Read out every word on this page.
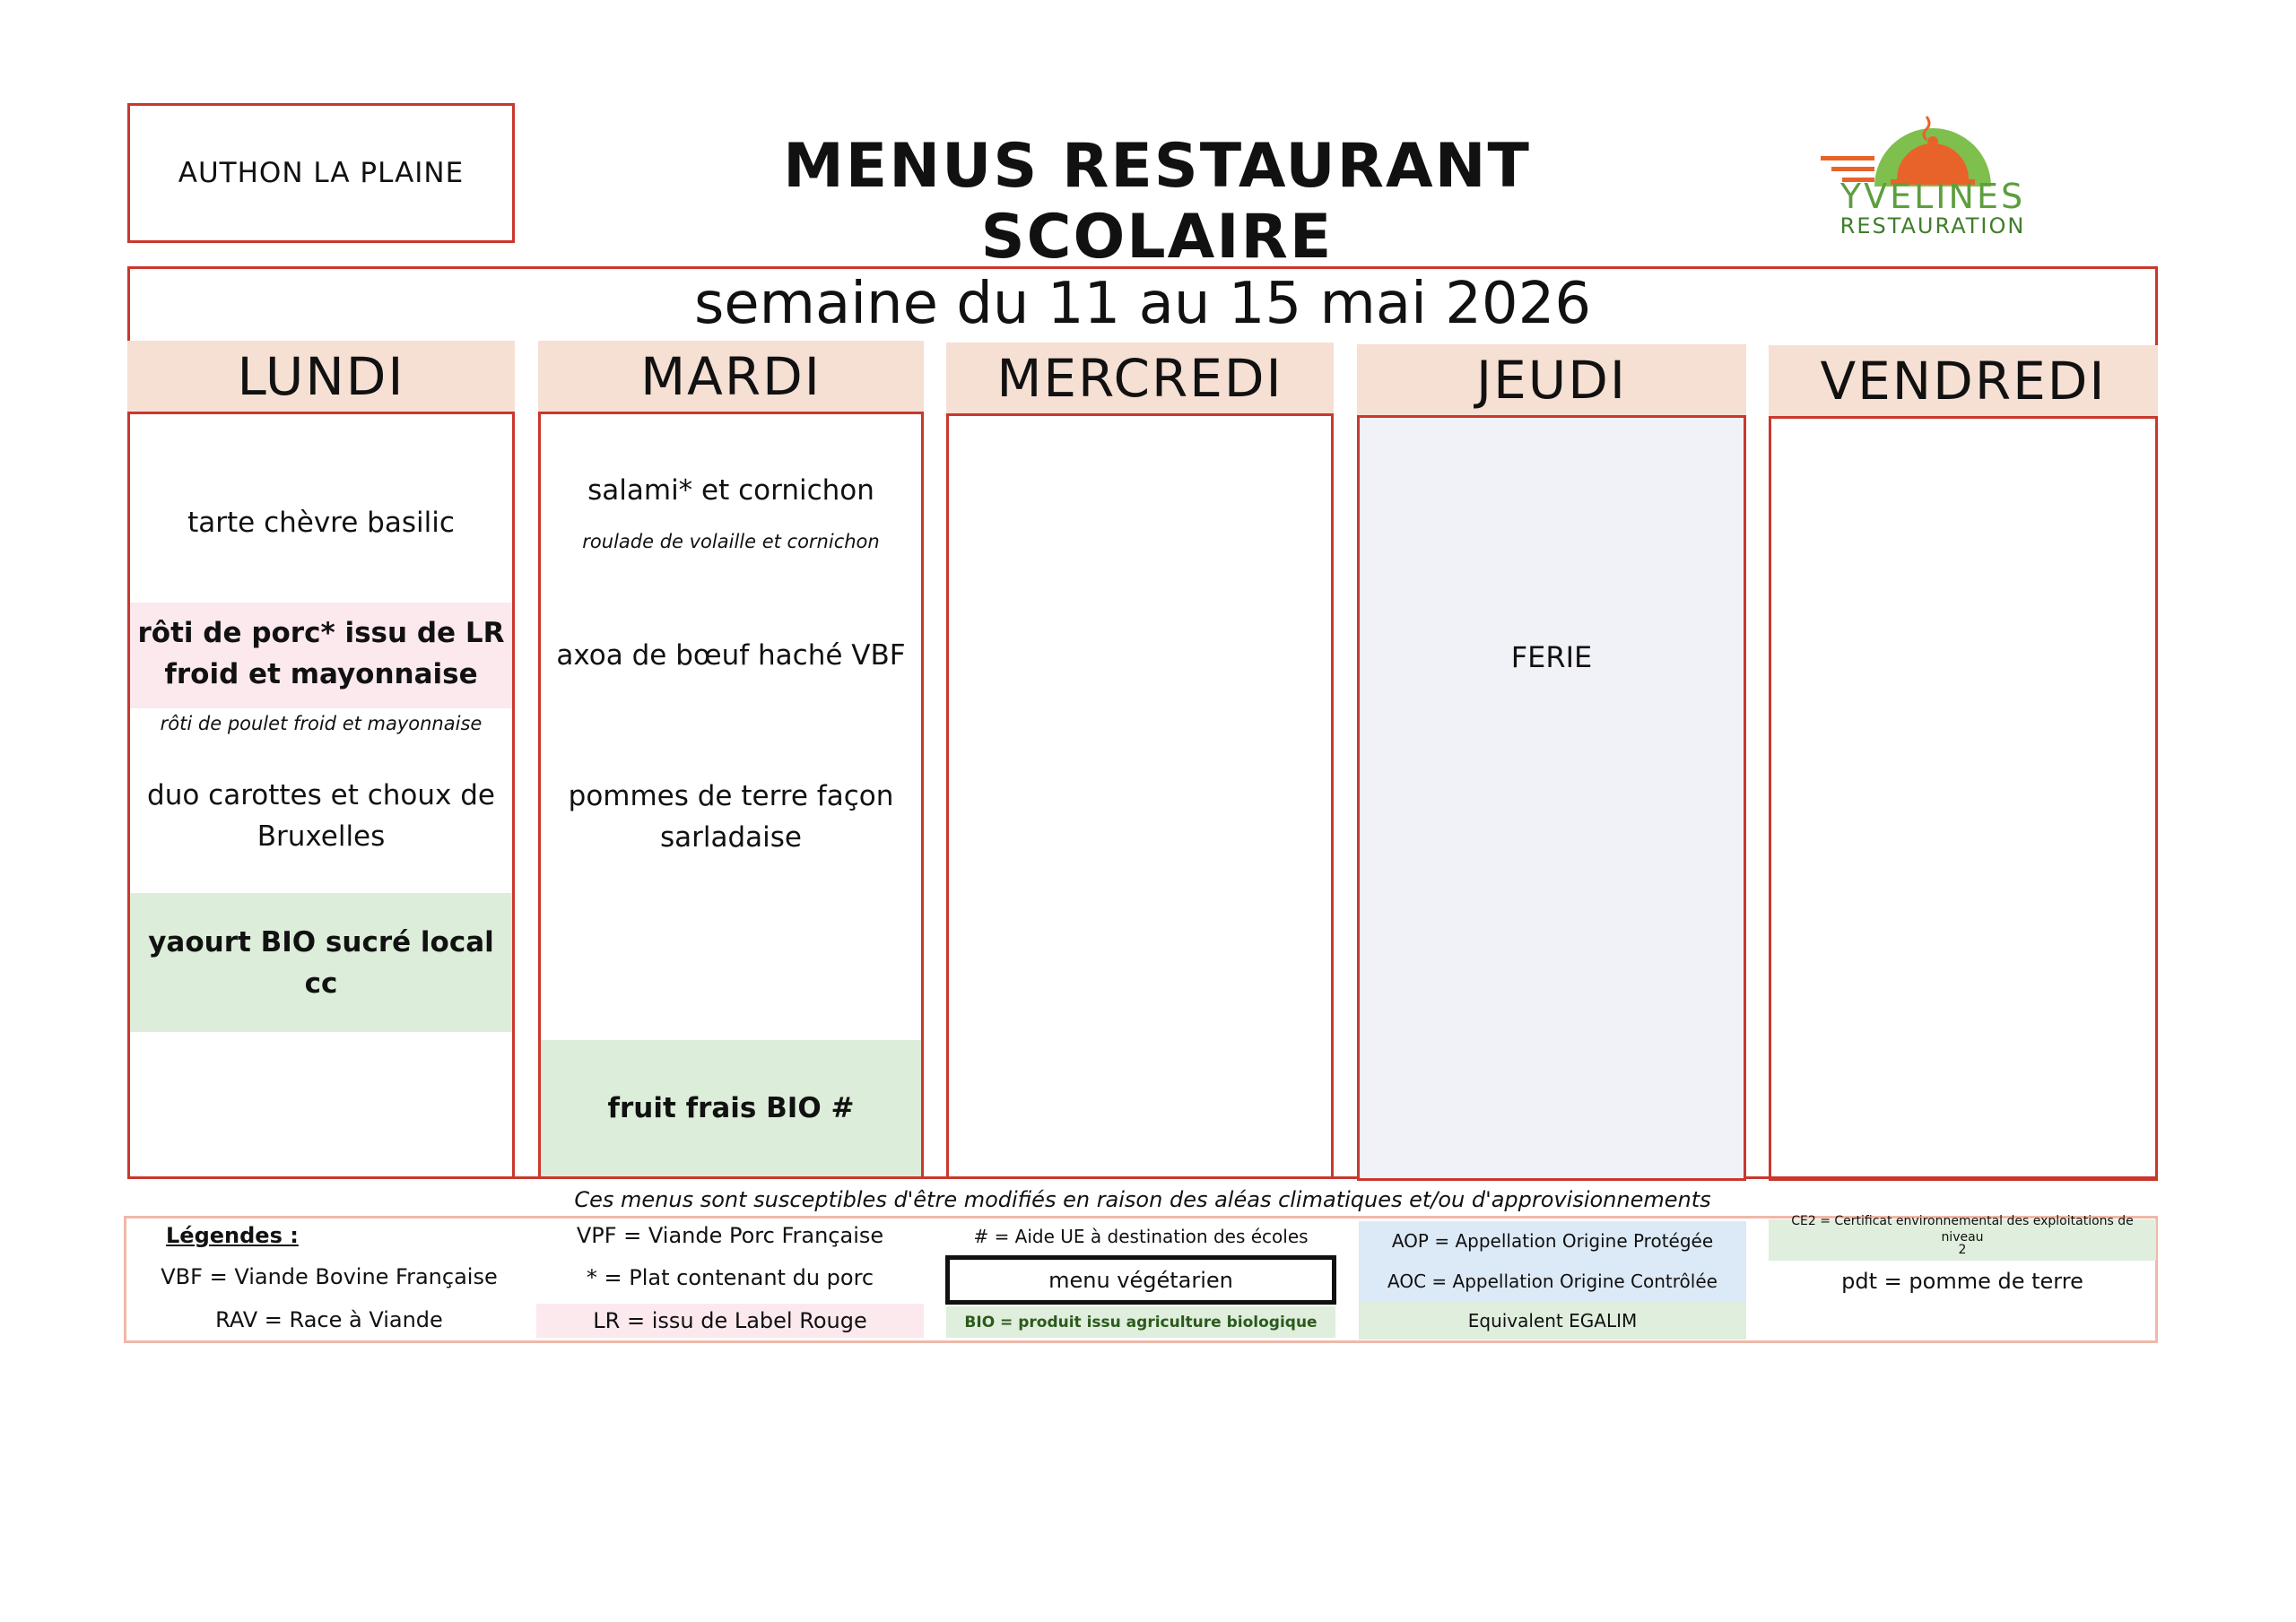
AUTHON LA PLAINE	MENUS RESTAURANT SCOLAIRE
YVELINES
RESTAURATION
semaine du 11 au 15 mai 2026
LUNDI
tarte chèvre basilic
rôti de porc* issu de LR
froid et mayonnaise
rôti de poulet froid et mayonnaise
duo carottes et choux de
Bruxelles
yaourt BIO sucré local cc
MARDI
salami* et cornichon
roulade de volaille et cornichon
axoa de bœuf haché VBF
pommes de terre façon
sarladaise
fruit frais BIO #
MERCREDI	JEUDI
FERIE
VENDREDI
Ces menus sont susceptibles d'être modifiés en raison des aléas climatiques et/ou d'approvisionnements
Légendes :
VBF = Viande Bovine Française
RAV = Race à Viande
VPF = Viande Porc Française
* = Plat contenant du porc
LR = issu de Label Rouge
# = Aide UE à destination des écoles
menu végétarien
BIO = produit issu agriculture biologique
AOP = Appellation Origine Protégée
AOC = Appellation Origine Contrôlée
Equivalent EGALIM
CE2 = Certificat environnemental des exploitations de niveau
2
pdt = pomme de terre
